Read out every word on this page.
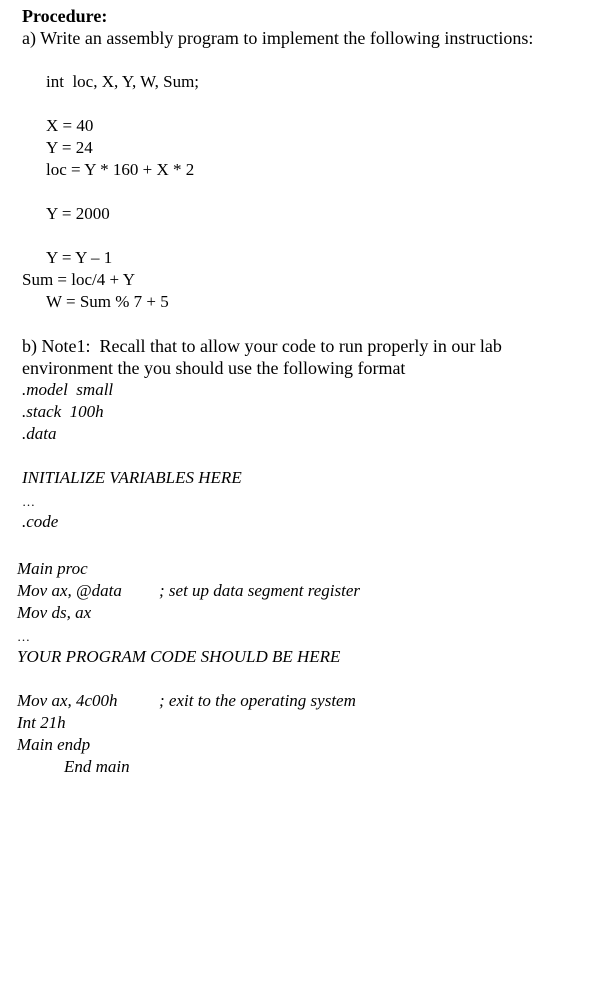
Procedure:
a) Write an assembly program to implement the following instructions:
int  loc, X, Y, W, Sum;
X = 40
Y = 24
loc = Y * 160 + X * 2
Y = 2000
Y = Y – 1
Sum = loc/4 + Y
W = Sum % 7 + 5
b) Note1:  Recall that to allow your code to run properly in our lab
environment the you should use the following format
.model  small
.stack  100h
.data
INITIALIZE VARIABLES HERE
…
.code
Main proc
Mov ax, @data ; set up data segment register
Mov ds, ax
…
YOUR PROGRAM CODE SHOULD BE HERE
Mov ax, 4c00h ; exit to the operating system
Int 21h
Main endp
End main
